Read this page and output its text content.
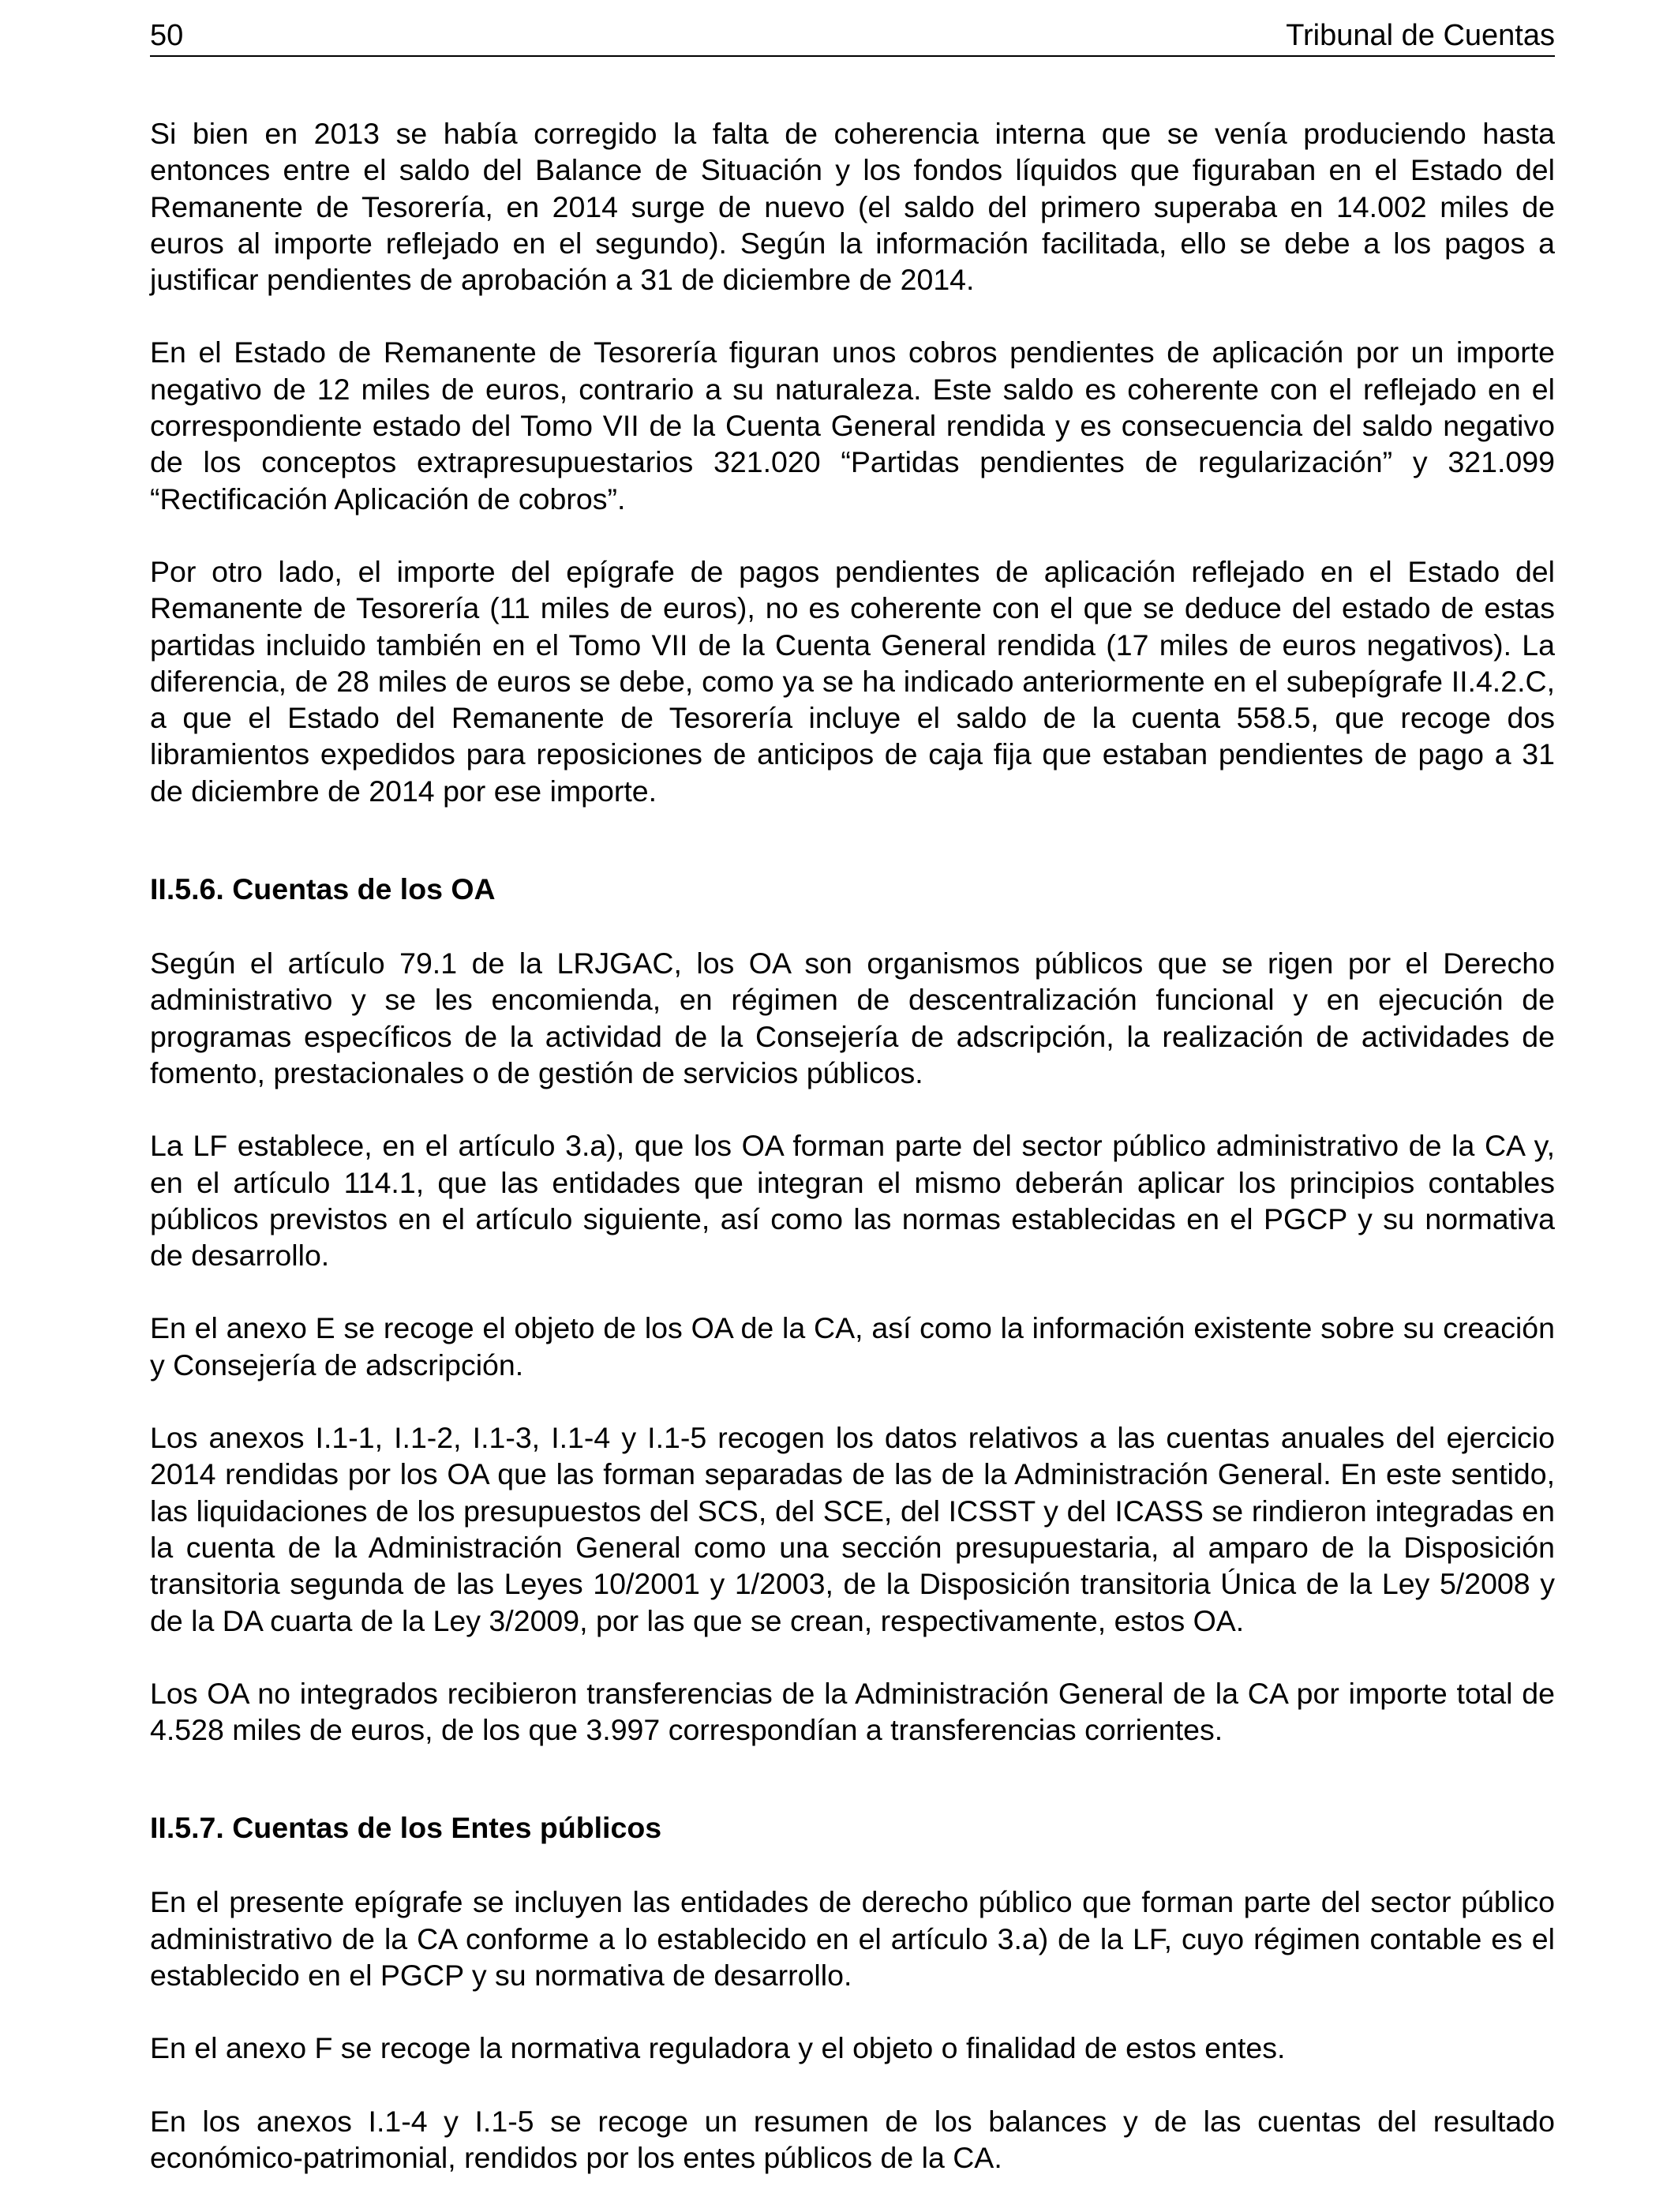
50	Tribunal de Cuentas

Si bien en 2013 se había corregido la falta de coherencia interna que se venía produciendo hasta entonces entre el saldo del Balance de Situación y los fondos líquidos que figuraban en el Estado del Remanente de Tesorería, en 2014 surge de nuevo (el saldo del primero superaba en 14.002 miles de euros al importe reflejado en el segundo). Según la información facilitada, ello se debe a los pagos a justificar pendientes de aprobación a 31 de diciembre de 2014.

En el Estado de Remanente de Tesorería figuran unos cobros pendientes de aplicación por un importe negativo de 12 miles de euros, contrario a su naturaleza. Este saldo es coherente con el reflejado en el correspondiente estado del Tomo VII de la Cuenta General rendida y es consecuencia del saldo negativo de los conceptos extrapresupuestarios 321.020 “Partidas pendientes de regularización” y 321.099 “Rectificación Aplicación de cobros”.

Por otro lado, el importe del epígrafe de pagos pendientes de aplicación reflejado en el Estado del Remanente de Tesorería (11 miles de euros), no es coherente con el que se deduce del estado de estas partidas incluido también en el Tomo VII de la Cuenta General rendida (17 miles de euros negativos). La diferencia, de 28 miles de euros se debe, como ya se ha indicado anteriormente en el subepígrafe II.4.2.C, a que el Estado del Remanente de Tesorería incluye el saldo de la cuenta 558.5, que recoge dos libramientos expedidos para reposiciones de anticipos de caja fija que estaban pendientes de pago a 31 de diciembre de 2014 por ese importe.

II.5.6. Cuentas de los OA

Según el artículo 79.1 de la LRJGAC, los OA son organismos públicos que se rigen por el Derecho administrativo y se les encomienda, en régimen de descentralización funcional y en ejecución de programas específicos de la actividad de la Consejería de adscripción, la realización de actividades de fomento, prestacionales o de gestión de servicios públicos.

La LF establece, en el artículo 3.a), que los OA forman parte del sector público administrativo de la CA y, en el artículo 114.1, que las entidades que integran el mismo deberán aplicar los principios contables públicos previstos en el artículo siguiente, así como las normas establecidas en el PGCP y su normativa de desarrollo.

En el anexo E se recoge el objeto de los OA de la CA, así como la información existente sobre su creación y Consejería de adscripción.

Los anexos I.1-1, I.1-2, I.1-3, I.1-4 y I.1-5 recogen los datos relativos a las cuentas anuales del ejercicio 2014 rendidas por los OA que las forman separadas de las de la Administración General. En este sentido, las liquidaciones de los presupuestos del SCS, del SCE, del ICSST y del ICASS se rindieron integradas en la cuenta de la Administración General como una sección presupuestaria, al amparo de la Disposición transitoria segunda de las Leyes 10/2001 y 1/2003, de la Disposición transitoria Única de la Ley 5/2008 y de la DA cuarta de la Ley 3/2009, por las que se crean, respectivamente, estos OA.

Los OA no integrados recibieron transferencias de la Administración General de la CA por importe total de 4.528 miles de euros, de los que 3.997 correspondían a transferencias corrientes.

II.5.7. Cuentas de los Entes públicos

En el presente epígrafe se incluyen las entidades de derecho público que forman parte del sector público administrativo de la CA conforme a lo establecido en el artículo 3.a) de la LF, cuyo régimen contable es el establecido en el PGCP y su normativa de desarrollo.

En el anexo F se recoge la normativa reguladora y el objeto o finalidad de estos entes.

En los anexos I.1-4 y I.1-5 se recoge un resumen de los balances y de las cuentas del resultado económico-patrimonial, rendidos por los entes públicos de la CA.
